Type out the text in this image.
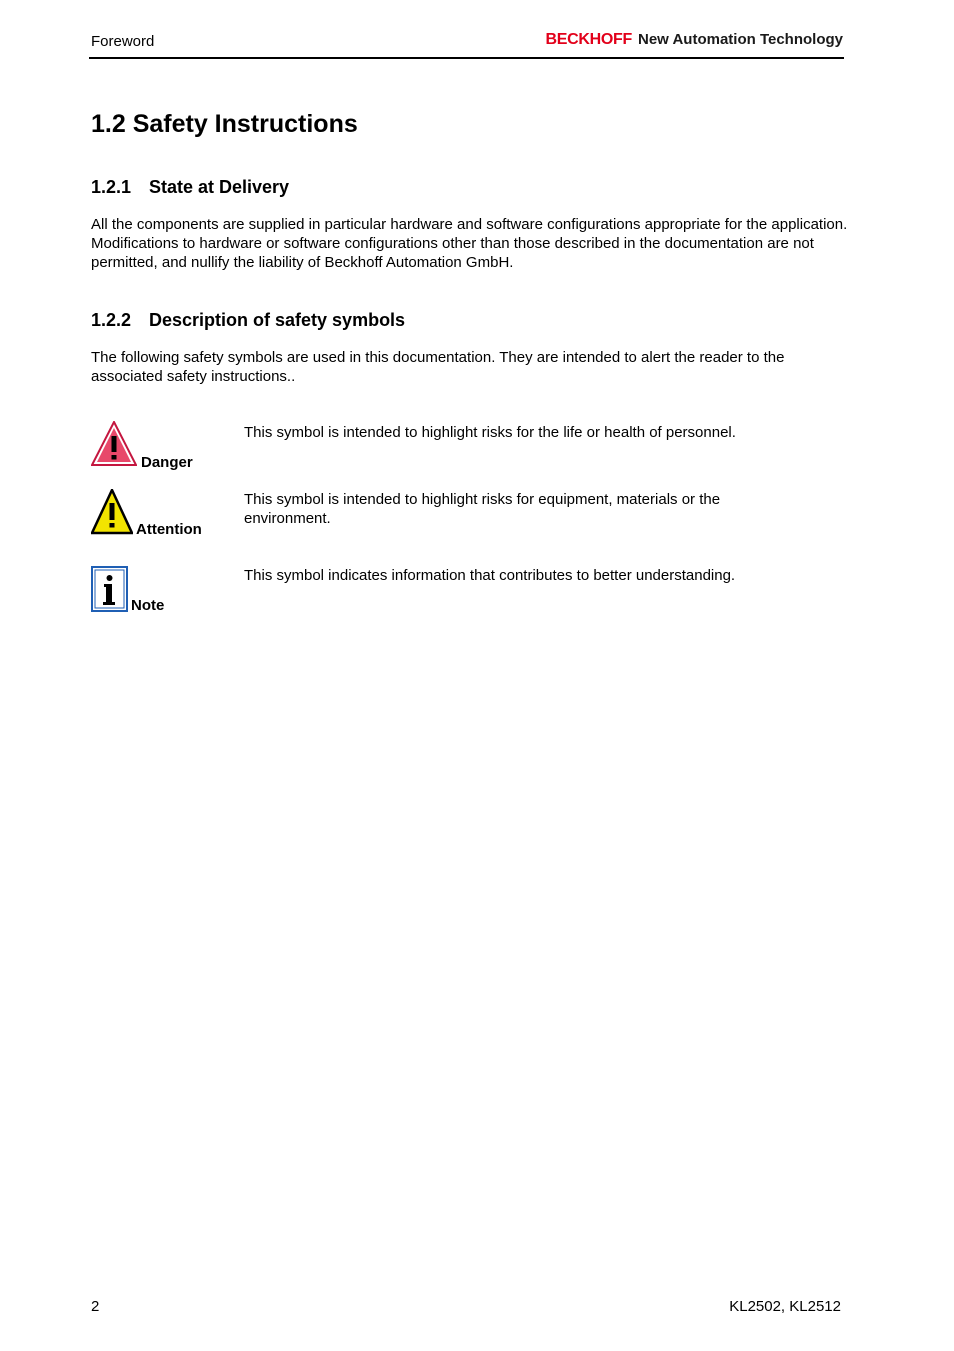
Foreword	BECKHOFF New Automation Technology
1.2 Safety Instructions
1.2.1 State at Delivery

All the components are supplied in particular hardware and software configurations appropriate for the application. Modifications to hardware or software configurations other than those described in the documentation are not permitted, and nullify the liability of Beckhoff Automation GmbH.

1.2.2 Description of safety symbols

The following safety symbols are used in this documentation. They are intended to alert the reader to the associated safety instructions..

Danger
This symbol is intended to highlight risks for the life or health of personnel.
Attention
This symbol is intended to highlight risks for equipment, materials or the environment.
Note
This symbol indicates information that contributes to better understanding.
2	KL2502, KL2512
